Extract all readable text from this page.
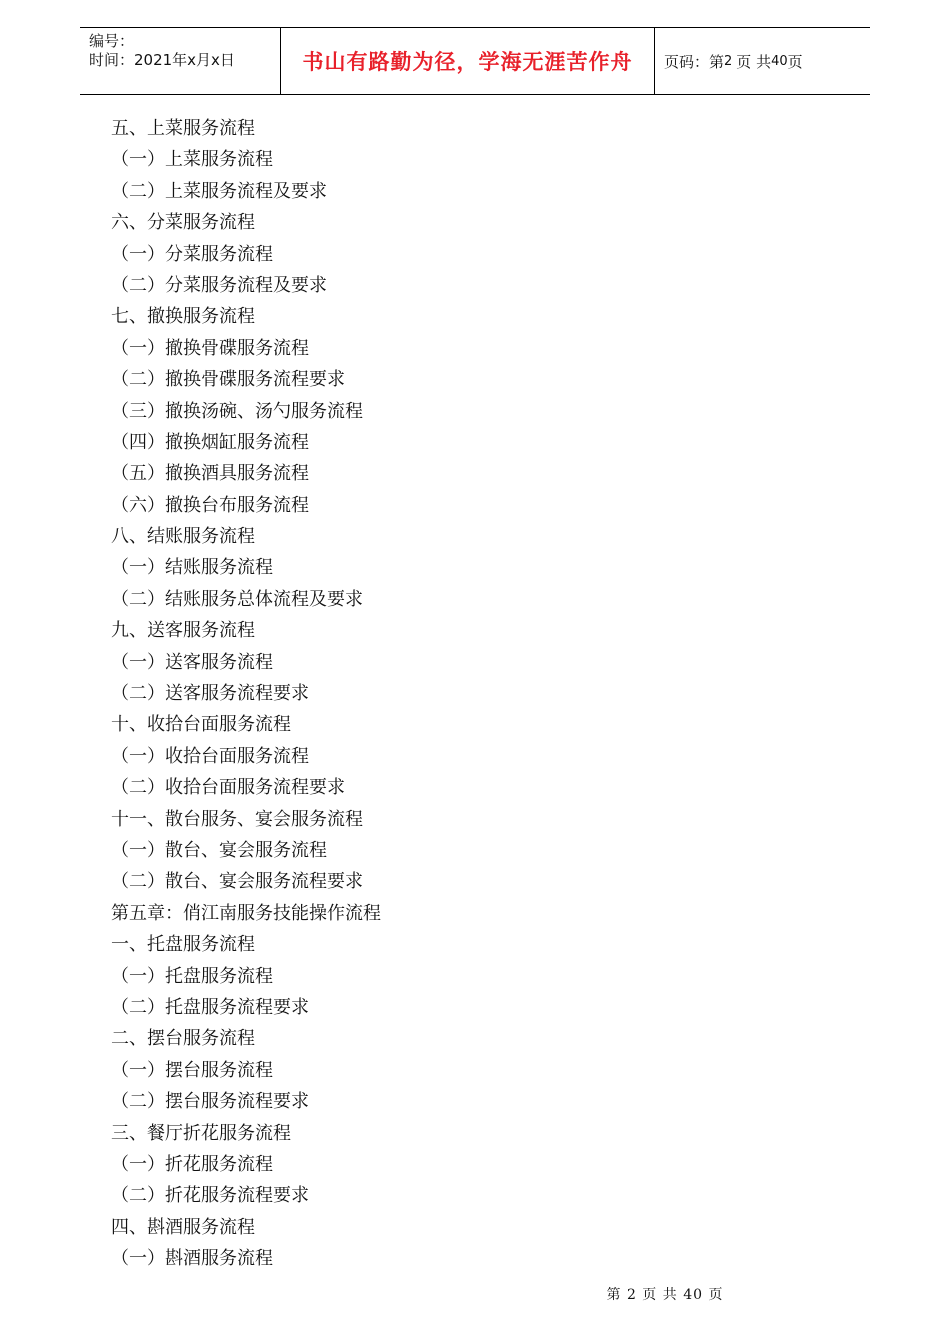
编号：
时间：2021年x月x日	书山有路勤为径，学海无涯苦作舟	页码：第 2 页 共 40 页
五、上菜服务流程
（一）上菜服务流程
（二）上菜服务流程及要求
六、分菜服务流程
（一）分菜服务流程
（二）分菜服务流程及要求
七、撤换服务流程
（一）撤换骨碟服务流程
（二）撤换骨碟服务流程要求
（三）撤换汤碗、汤勺服务流程
（四）撤换烟缸服务流程
（五）撤换酒具服务流程
（六）撤换台布服务流程
八、结账服务流程
（一）结账服务流程
（二）结账服务总体流程及要求
九、送客服务流程
（一）送客服务流程
（二）送客服务流程要求
十、收拾台面服务流程
（一）收拾台面服务流程
（二）收拾台面服务流程要求
十一、散台服务、宴会服务流程
（一）散台、宴会服务流程
（二）散台、宴会服务流程要求
第五章：俏江南服务技能操作流程
一、托盘服务流程
（一）托盘服务流程
（二）托盘服务流程要求
二、摆台服务流程
（一）摆台服务流程
（二）摆台服务流程要求
三、餐厅折花服务流程
（一）折花服务流程
（二）折花服务流程要求
四、斟酒服务流程
（一）斟酒服务流程
第 2 页 共 40 页
